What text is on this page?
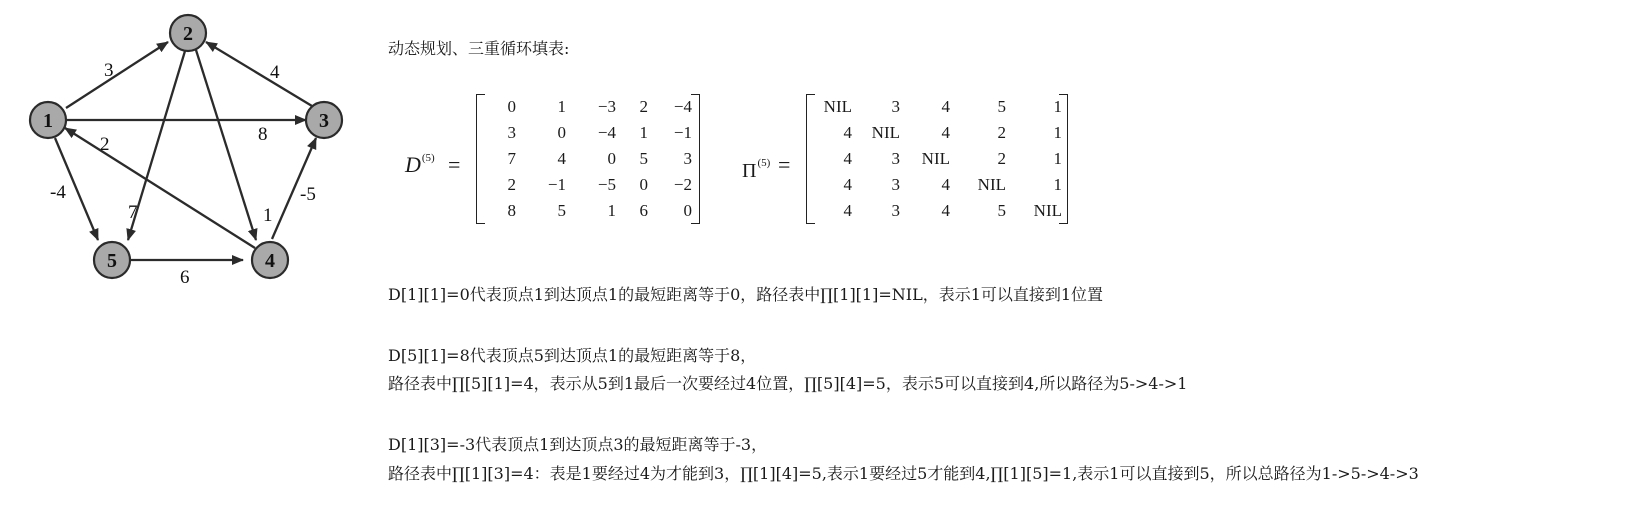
3
8
-4
1
7
4
2
-5
6
1
2
3
4
5
动态规划、三重循环填表:
$D^{(5)}$ =
0	1	−3	2	−4
3	0	−4	1	−1
7	4	0	5	3
2	−1	−5	0	−2
8	5	1	6	0
$\Pi^{(5)}$ =
NIL	3	4	5	1
4	NIL	4	2	1
4	3	NIL	2	1
4	3	4	NIL	1
4	3	4	5	NIL
D[1][1]=0代表顶点1到达顶点1的最短距离等于0，路径表中∏[1][1]=NIL，表示1可以直接到1位置
D[5][1]=8代表顶点5到达顶点1的最短距离等于8，
路径表中∏[5][1]=4，表示从5到1最后一次要经过4位置，∏[5][4]=5，表示5可以直接到4,所以路径为5->4->1
D[1][3]=-3代表顶点1到达顶点3的最短距离等于-3，
路径表中∏[1][3]=4：表是1要经过4为才能到3，∏[1][4]=5,表示1要经过5才能到4,∏[1][5]=1,表示1可以直接到5，所以总路径为1->5->4->3
